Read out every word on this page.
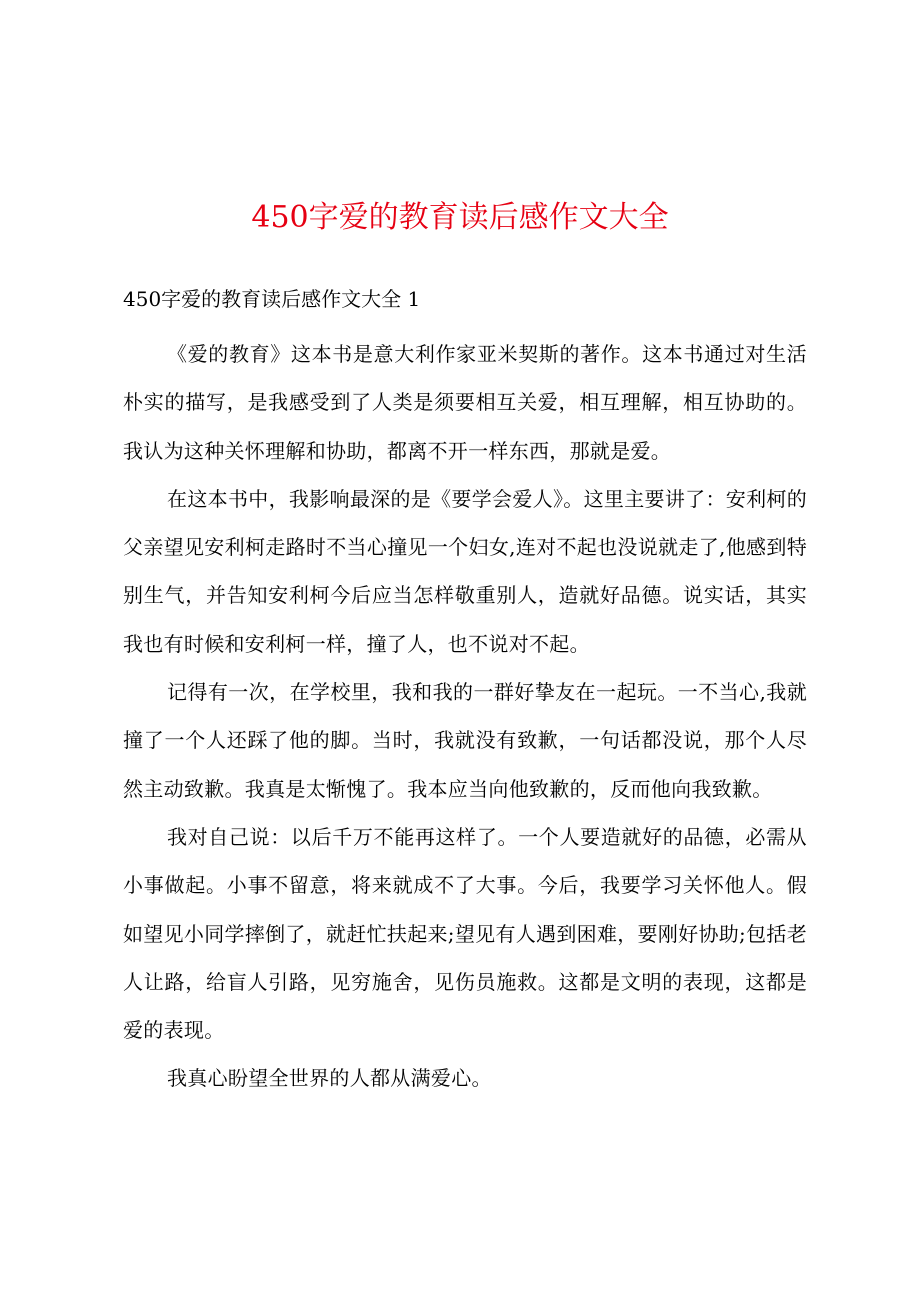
450字爱的教育读后感作文大全

450字爱的教育读后感作文大全 1

《爱的教育》这本书是意大利作家亚米契斯的著作。这本书通过对生活朴实的描写，是我感受到了人类是须要相互关爱，相互理解，相互协助的。我认为这种关怀理解和协助，都离不开一样东西，那就是爱。

在这本书中，我影响最深的是《要学会爱人》。这里主要讲了：安利柯的父亲望见安利柯走路时不当心撞见一个妇女,连对不起也没说就走了,他感到特别生气，并告知安利柯今后应当怎样敬重别人，造就好品德。说实话，其实我也有时候和安利柯一样，撞了人，也不说对不起。

记得有一次，在学校里，我和我的一群好挚友在一起玩。一不当心,我就撞了一个人还踩了他的脚。当时，我就没有致歉，一句话都没说，那个人尽然主动致歉。我真是太惭愧了。我本应当向他致歉的，反而他向我致歉。

我对自己说：以后千万不能再这样了。一个人要造就好的品德，必需从小事做起。小事不留意，将来就成不了大事。今后，我要学习关怀他人。假如望见小同学摔倒了，就赶忙扶起来;望见有人遇到困难，要刚好协助;包括老人让路，给盲人引路，见穷施舍，见伤员施救。这都是文明的表现，这都是爱的表现。

我真心盼望全世界的人都从满爱心。
